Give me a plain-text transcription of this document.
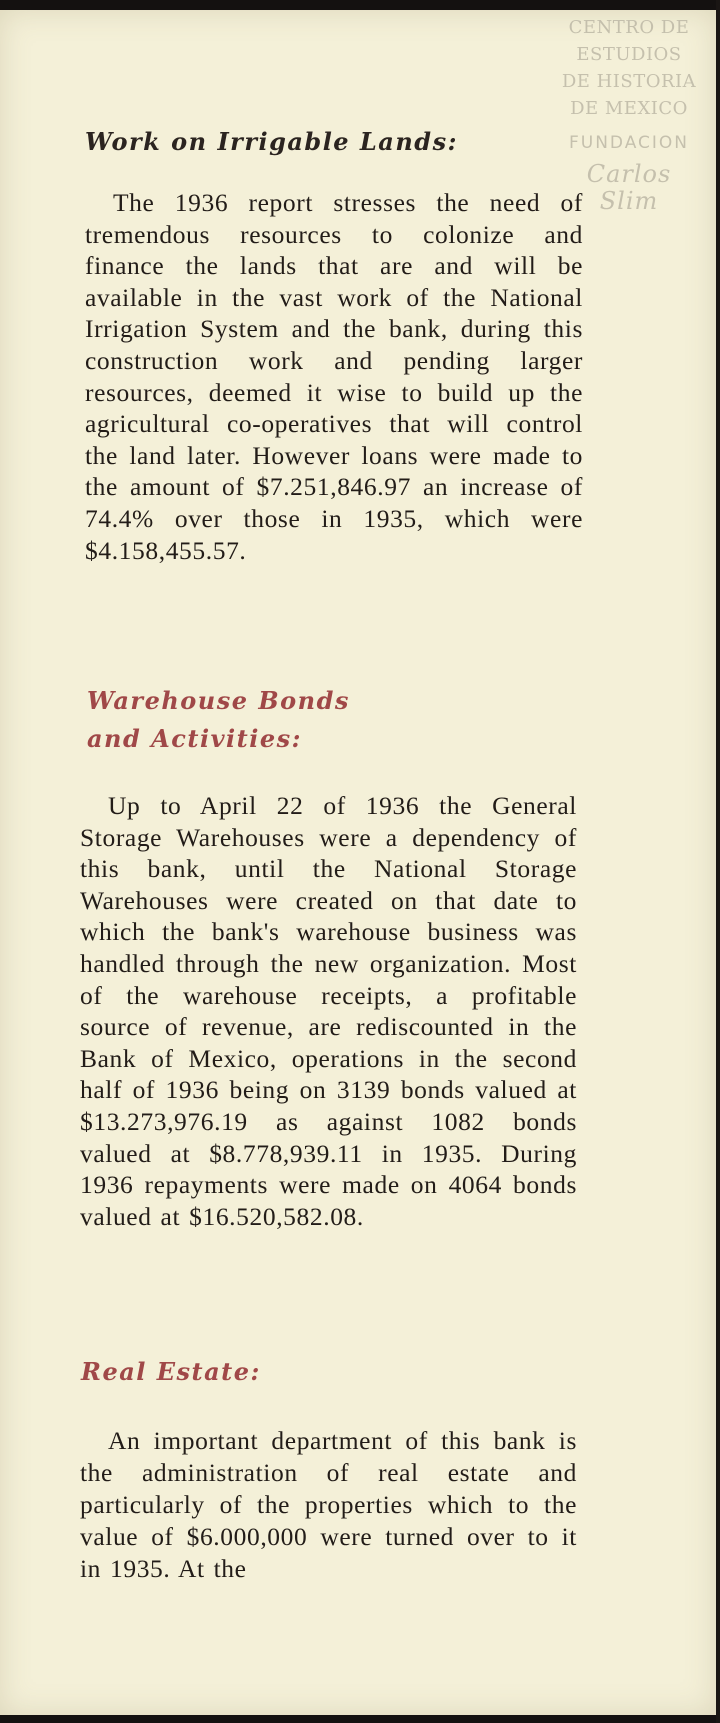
CENTRO DE
ESTUDIOS
DE HISTORIA
DE MEXICO
FUNDACION
Carlos Slim
Work on Irrigable Lands:

The 1936 report stresses the need of tremendous resources to colonize and finance the lands that are and will be available in the vast work of the National Irrigation System and the bank, during this construction work and pending larger resources, deemed it wise to build up the agricultural co-operatives that will control the land later. However loans were made to the amount of $7.251,846.97 an increase of 74.4% over those in 1935, which were $4.158,455.57.

Warehouse Bonds
and Activities:

Up to April 22 of 1936 the General Storage Warehouses were a dependency of this bank, until the National Storage Warehouses were created on that date to which the bank's warehouse business was handled through the new organization. Most of the warehouse receipts, a profitable source of revenue, are rediscounted in the Bank of Mexico, operations in the second half of 1936 being on 3139 bonds valued at $13.273,976.19 as against 1082 bonds valued at $8.778,939.11 in 1935. During 1936 repayments were made on 4064 bonds valued at $16.520,582.08.

Real Estate:

An important department of this bank is the administration of real estate and particularly of the properties which to the value of $6.000,000 were turned over to it in 1935. At the
